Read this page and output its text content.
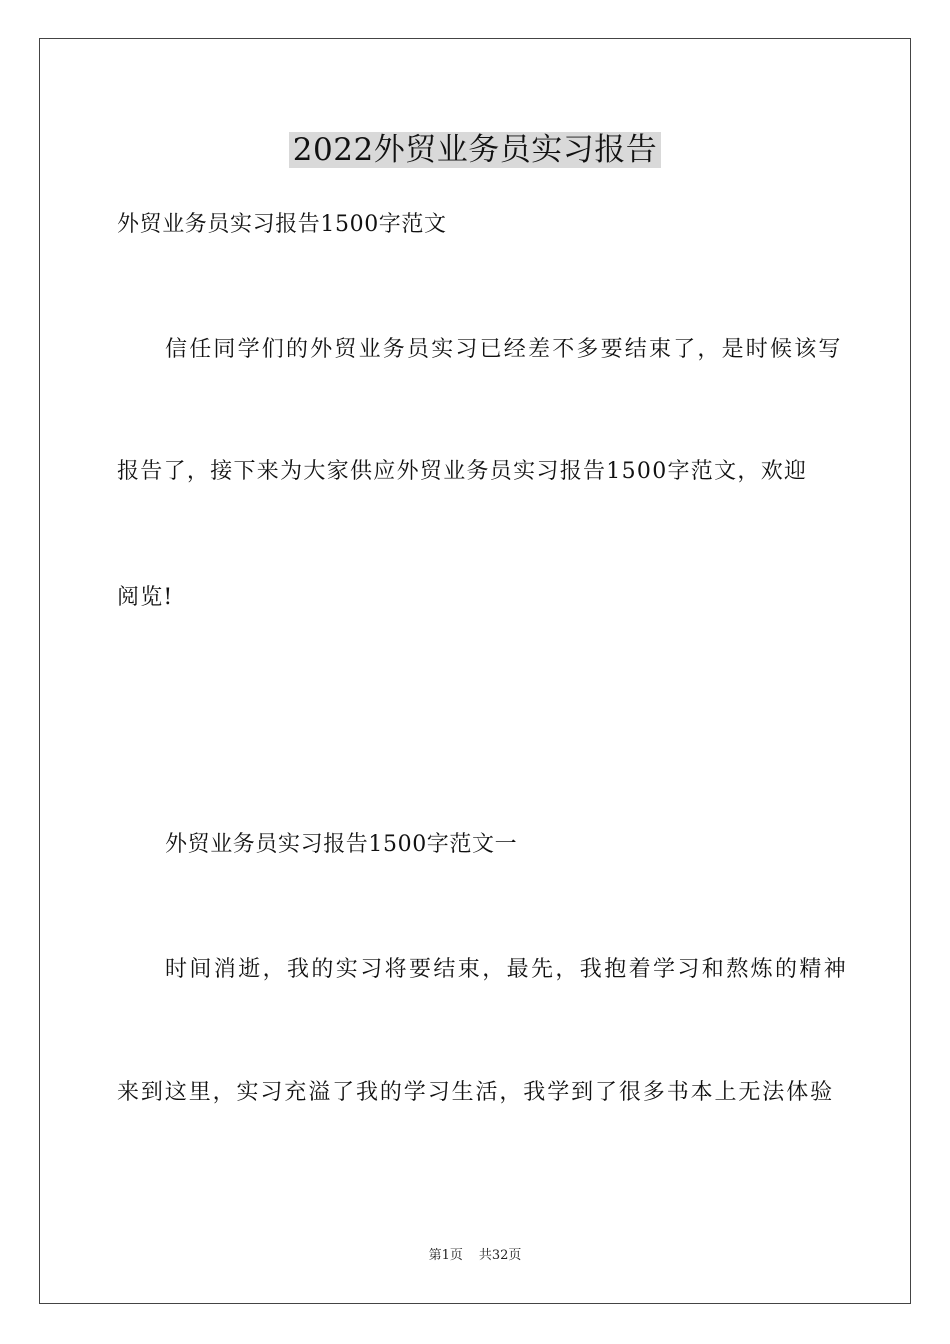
2022外贸业务员实习报告
外贸业务员实习报告1500字范文
信任同学们的外贸业务员实习已经差不多要结束了，是时候该写
报告了，接下来为大家供应外贸业务员实习报告1500字范文，欢迎
阅览!
外贸业务员实习报告1500字范文一
时间消逝，我的实习将要结束，最先，我抱着学习和熬炼的精神
来到这里，实习充溢了我的学习生活，我学到了很多书本上无法体验
第1页 共32页
